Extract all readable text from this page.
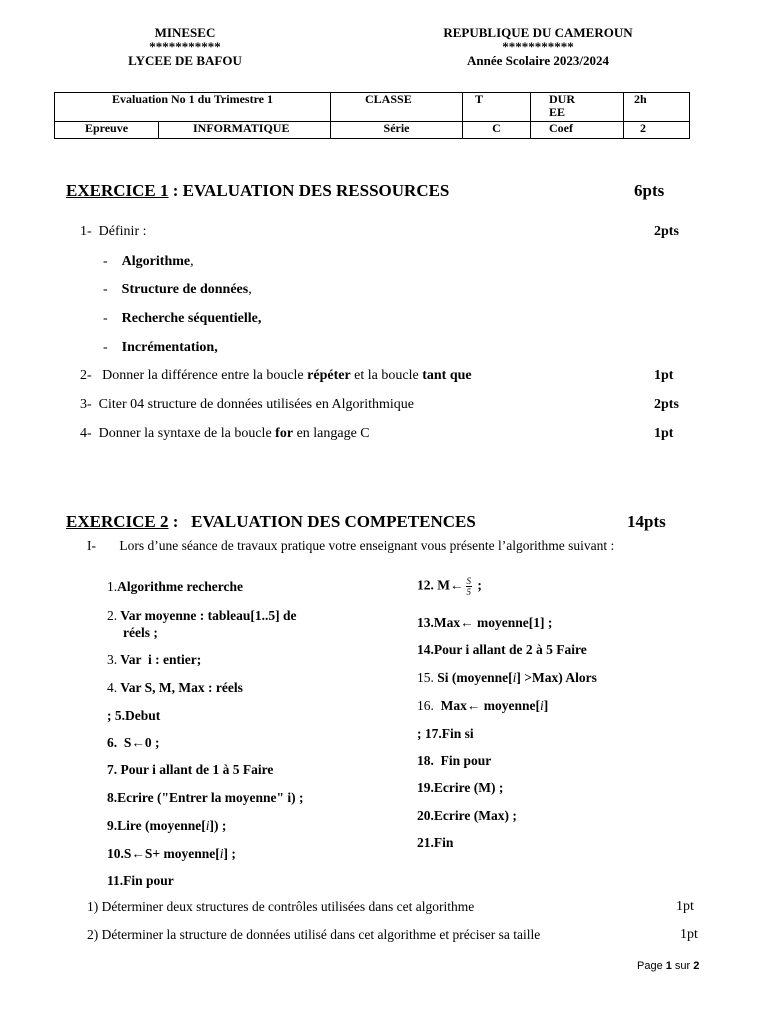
MINESEC
***********
LYCEE DE BAFOU
REPUBLIQUE DU CAMEROUN
***********
Année Scolaire 2023/2024
Evaluation No 1 du Trimestre 1		CLASSE	T	DUR
EE	2h
Epreuve	INFORMATIQUE	Série	C	Coef	2
EXERCICE 1 : EVALUATION DES RESSOURCES	6pts
1- Définir :	2pts
-    Algorithme,
-    Structure de données,
-    Recherche séquentielle,
-    Incrémentation,
2- Donner la différence entre la boucle répéter et la boucle tant que	1pt
3- Citer 04 structure de données utilisées en Algorithmique	2pts
4- Donner la syntaxe de la boucle for en langage C	1pt
EXERCICE 2 :   EVALUATION DES COMPETENCES	14pts
I- Lors d’une séance de travaux pratique votre enseignant vous présente l’algorithme suivant :
1.Algorithme recherche
2. Var moyenne : tableau[1..5] de
réels ;
3. Var  i : entier;
4. Var S, M, Max : réels
; 5.Debut
6.  S←0 ;
7. Pour i allant de 1 à 5 Faire
8.Ecrire ("Entrer la moyenne" i) ;
9.Lire (moyenne[i]) ;
10.S←S+ moyenne[i] ;
11.Fin pour
12. M← $\frac{S}{5}$ ;
13.Max← moyenne[1] ;
14.Pour i allant de 2 à 5 Faire
15. Si (moyenne[i] >Max) Alors
16.  Max← moyenne[i]
; 17.Fin si
18.  Fin pour
19.Ecrire (M) ;
20.Ecrire (Max) ;
21.Fin
1) Déterminer deux structures de contrôles utilisées dans cet algorithme	1pt
2) Déterminer la structure de données utilisé dans cet algorithme et préciser sa taille	1pt
Page 1 sur 2
